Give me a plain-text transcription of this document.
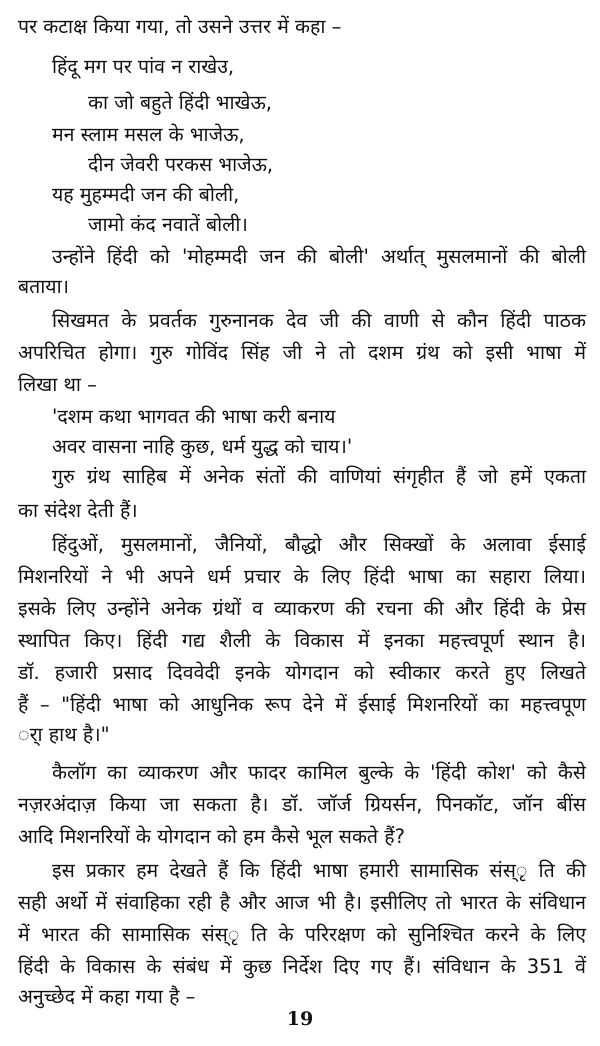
पर कटाक्ष किया गया, तो उसने उत्तर में कहा –
हिंदू मग पर पांव न राखेउ,
का जो बहुते हिंदी भाखेऊ,
मन स्लाम मसल के भाजेऊ,
दीन जेवरी परकस भाजेऊ,
यह मुहम्मदी जन की बोली,
जामो कंद नवातें बोली।
उन्होंने हिंदी को 'मोहम्मदी जन की बोली' अर्थात् मुसलमानों की बोली
बताया।
सिखमत के प्रवर्तक गुरुनानक देव जी की वाणी से कौन हिंदी पाठक
अपरिचित होगा। गुरु गोविंद सिंह जी ने तो दशम ग्रंथ को इसी भाषा में
लिखा था –
'दशम कथा भागवत की भाषा करी बनाय
अवर वासना नाहि कुछ, धर्म युद्ध को चाय।'
गुरु ग्रंथ साहिब में अनेक संतों की वाणियां संगृहीत हैं जो हमें एकता
का संदेश देती हैं।
हिंदुओं, मुसलमानों, जैनियों, बौद्धो और सिक्खों के अलावा ईसाई
मिशनरियों ने भी अपने धर्म प्रचार के लिए हिंदी भाषा का सहारा लिया।
इसके लिए उन्होंने अनेक ग्रंथों व व्याकरण की रचना की और हिंदी के प्रेस
स्थापित किए। हिंदी गद्य शैली के विकास में इनका महत्त्वपूर्ण स्थान है।
डॉ. हजारी प्रसाद दिववेदी इनके योगदान को स्वीकार करते हुए लिखते
हैं – "हिंदी भाषा को आधुनिक रूप देने में ईसाई मिशनरियों का महत्त्वपूण
र्ा हाथ है।"
कैलॉग का व्याकरण और फादर कामिल बुल्के के 'हिंदी कोश' को कैसे
नज़रअंदाज़ किया जा सकता है। डॉ. जॉर्ज ग्रियर्सन, पिनकॉट, जॉन बींस
आदि मिशनरियों के योगदान को हम कैसे भूल सकते हैं?
इस प्रकार हम देखते हैं कि हिंदी भाषा हमारी सामासिक संस्ृ ति की
सही अर्थो में संवाहिका रही है और आज भी है। इसीलिए तो भारत के संविधान
में भारत की सामासिक संस्ृ ति के परिरक्षण को सुनिश्चित करने के लिए
हिंदी के विकास के संबंध में कुछ निर्देश दिए गए हैं। संविधान के 351 वें
अनुच्छेद में कहा गया है –
19
